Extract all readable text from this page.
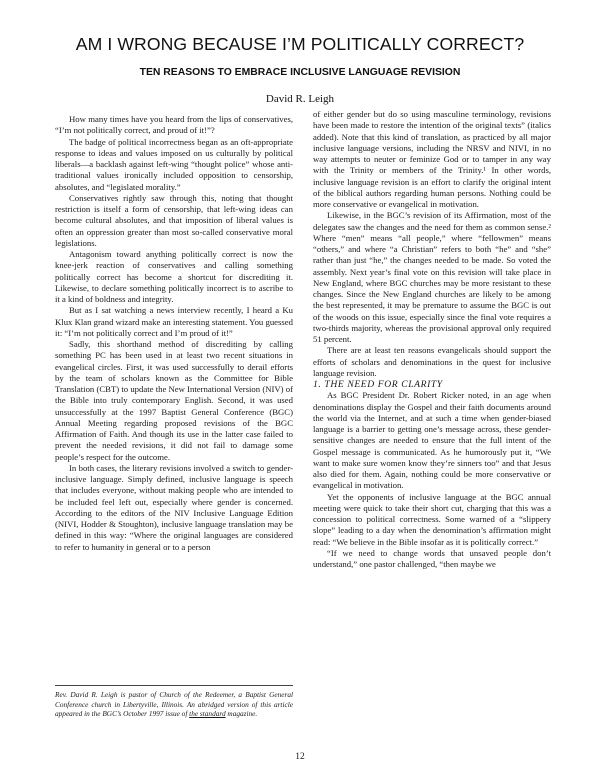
AM I WRONG BECAUSE I’M POLITICALLY CORRECT?
TEN REASONS TO EMBRACE INCLUSIVE LANGUAGE REVISION
David R. Leigh

How many times have you heard from the lips of conservatives, “I’m not politically correct, and proud of it!”?

The badge of political incorrectness began as an oft-appropriate response to ideas and values imposed on us culturally by political liberals—a backlash against left-wing “thought police” whose anti-traditional values ironically included opposition to censorship, absolutes, and “legislated morality.”

Conservatives rightly saw through this, noting that thought restriction is itself a form of censorship, that left-wing ideas can become cultural absolutes, and that imposition of liberal values is often an oppression greater than most so-called conservative moral legislations.

Antagonism toward anything politically correct is now the knee-jerk reaction of conservatives and calling something politically correct has become a shortcut for discrediting it. Likewise, to declare something politically incorrect is to ascribe to it a kind of boldness and integrity.

But as I sat watching a news interview recently, I heard a Ku Klux Klan grand wizard make an interesting statement. You guessed it: “I’m not politically correct and I’m proud of it!”

Sadly, this shorthand method of discrediting by calling something PC has been used in at least two recent situations in evangelical circles. First, it was used successfully to derail efforts by the team of scholars known as the Committee for Bible Translation (CBT) to update the New International Version (NIV) of the Bible into truly contemporary English. Second, it was used unsuccessfully at the 1997 Baptist General Conference (BGC) Annual Meeting regarding proposed revisions of the BGC Affirmation of Faith. And though its use in the latter case failed to prevent the needed revisions, it did not fail to damage some people’s respect for the outcome.

In both cases, the literary revisions involved a switch to gender-inclusive language. Simply defined, inclusive language is speech that includes everyone, without making people who are intended to be included feel left out, especially where gender is concerned. According to the editors of the NIV Inclusive Language Edition (NIVI, Hodder & Stoughton), inclusive language translation may be defined in this way: “Where the original languages are considered to refer to humanity in general or to a person

Rev. David R. Leigh is pastor of Church of the Redeemer, a Baptist General Conference church in Libertyville, Illinois. An abridged version of this article appeared in the BGC’s October 1997 issue of the standard magazine.

of either gender but do so using masculine terminology, revisions have been made to restore the intention of the original texts” (italics added). Note that this kind of translation, as practiced by all major inclusive language versions, including the NRSV and NIVI, in no way attempts to neuter or feminize God or to tamper in any way with the Trinity or members of the Trinity.¹ In other words, inclusive language revision is an effort to clarify the original intent of the biblical authors regarding human persons. Nothing could be more conservative or evangelical in motivation.

Likewise, in the BGC’s revision of its Affirmation, most of the delegates saw the changes and the need for them as common sense.² Where “men” means “all people,” where “fellowmen” means “others,” and where “a Christian” refers to both “he” and “she” rather than just “he,” the changes needed to be made. So voted the assembly. Next year’s final vote on this revision will take place in New England, where BGC churches may be more resistant to these changes. Since the New England churches are likely to be among the best represented, it may be premature to assume the BGC is out of the woods on this issue, especially since the final vote requires a two-thirds majority, whereas the provisional approval only required 51 percent.

There are at least ten reasons evangelicals should support the efforts of scholars and denominations in the quest for inclusive language revision.

1. THE NEED FOR CLARITY

As BGC President Dr. Robert Ricker noted, in an age when denominations display the Gospel and their faith documents around the world via the Internet, and at such a time when gender-biased language is a barrier to getting one’s message across, these gender-sensitive changes are needed to ensure that the full intent of the Gospel message is communicated. As he humorously put it, “We want to make sure women know they’re sinners too” and that Jesus also died for them. Again, nothing could be more conservative or evangelical in motivation.

Yet the opponents of inclusive language at the BGC annual meeting were quick to take their short cut, charging that this was a concession to political correctness. Some warned of a “slippery slope” leading to a day when the denomination’s affirmation might read: “We believe in the Bible insofar as it is politically correct.”

“If we need to change words that unsaved people don’t understand,” one pastor challenged, “then maybe we

12
